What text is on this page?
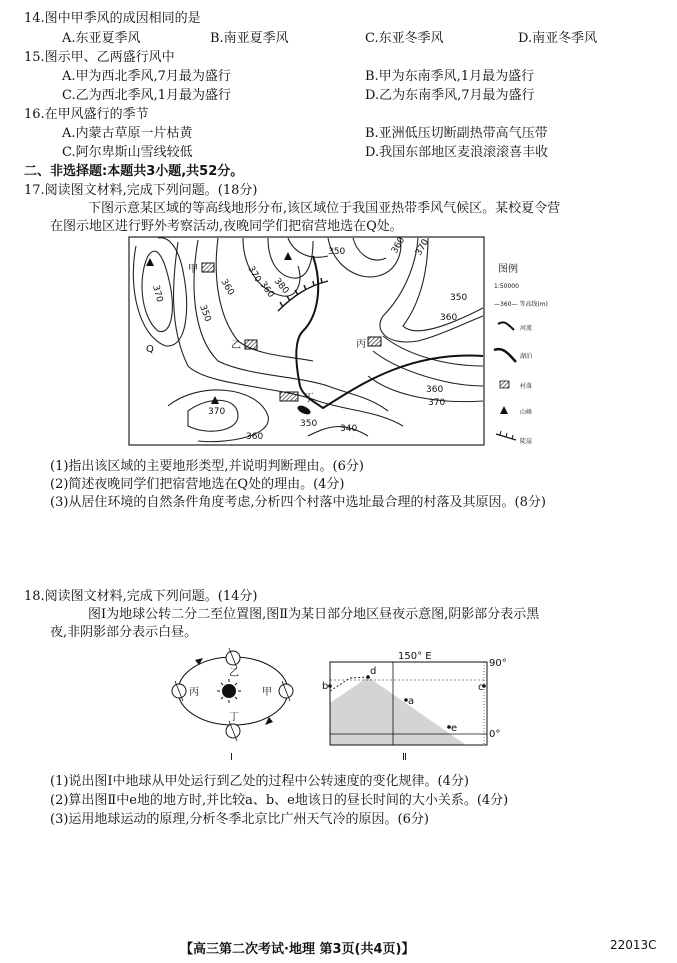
14.图中甲季风的成因相同的是
A.东亚夏季风	B.南亚夏季风	C.东亚冬季风	D.南亚冬季风
15.图示甲、乙两盛行风中
A.甲为西北季风,7月最为盛行	B.甲为东南季风,1月最为盛行
C.乙为西北季风,1月最为盛行	D.乙为东南季风,7月最为盛行
16.在甲风盛行的季节
A.内蒙古草原一片枯黄	B.亚洲低压切断副热带高气压带
C.阿尔卑斯山雪线较低	D.我国东部地区麦浪滚滚喜丰收
二、非选择题:本题共3小题,共52分。
17.阅读图文材料,完成下列问题。(18分)
下图示意某区域的等高线地形分布,该区域位于我国亚热带季风气候区。某校夏令营
在图示地区进行野外考察活动,夜晚同学们把宿营地选在Q处。
甲
乙	丙
丁
Q
370
350
360
370
360
380
350	360 370
360
350
360
370
370
360
350	340
图例
1:50000
—360— 等高线(m)
河流
湖泊
村落
山峰
陡崖
(1)指出该区域的主要地形类型,并说明判断理由。(6分)
(2)简述夜晚同学们把宿营地选在Q处的理由。(4分)
(3)从居住环境的自然条件角度考虑,分析四个村落中选址最合理的村落及其原因。(8分)
18.阅读图文材料,完成下列问题。(14分)
图Ⅰ为地球公转二分二至位置图,图Ⅱ为某日部分地区昼夜示意图,阴影部分表示黑
夜,非阴影部分表示白昼。
乙
丙	甲
丁
Ⅰ
150° E
90°
0°
a
b	c
d
e
Ⅱ
(1)说出图Ⅰ中地球从甲处运行到乙处的过程中公转速度的变化规律。(4分)
(2)算出图Ⅱ中e地的地方时,并比较a、b、e地该日的昼长时间的大小关系。(4分)
(3)运用地球运动的原理,分析冬季北京比广州天气冷的原因。(6分)
【高三第二次考试·地理 第3页(共4页)】	22013C
